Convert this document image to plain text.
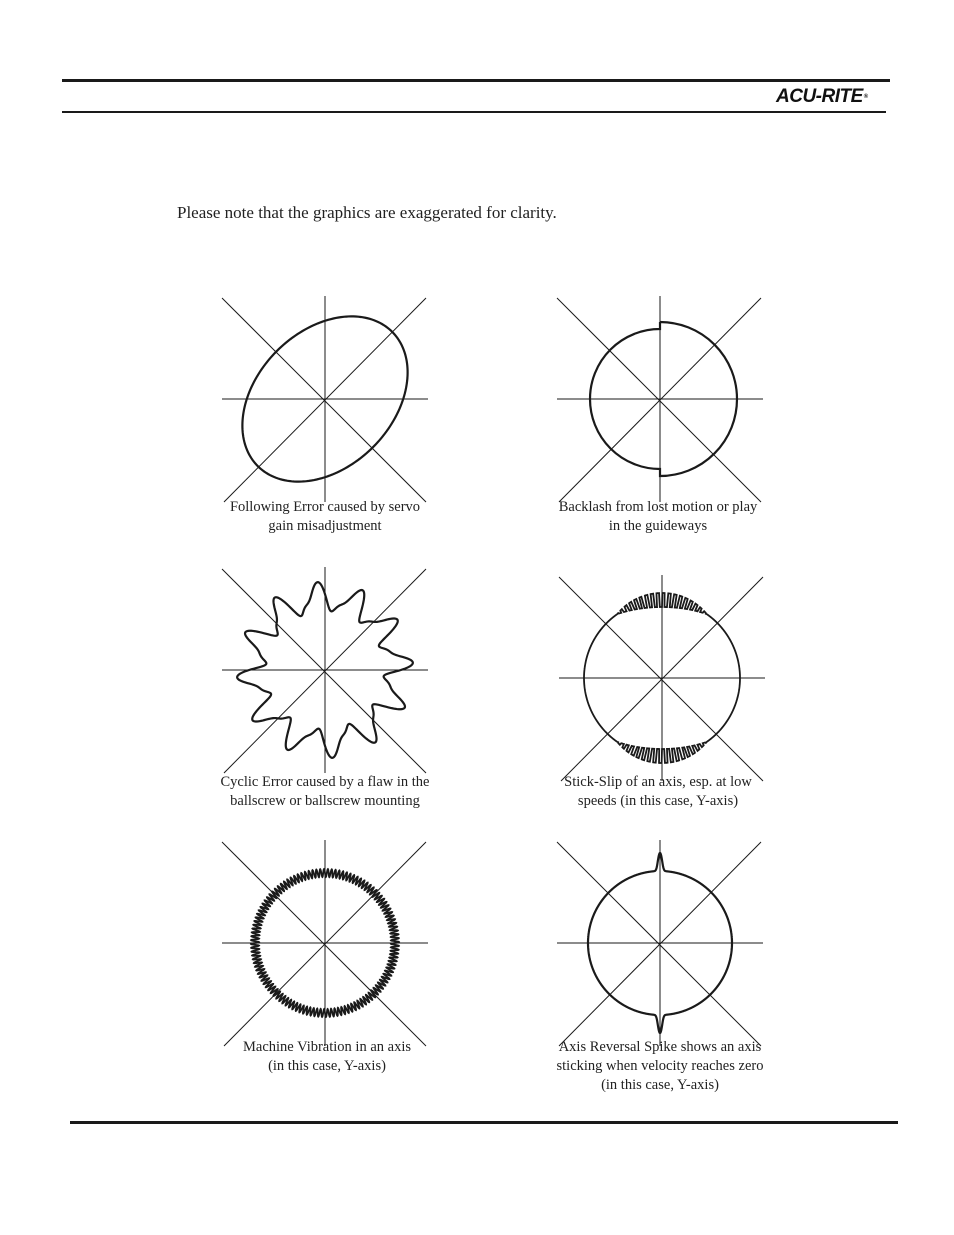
ACU-RITE®
Please note that the graphics are exaggerated for clarity.
Following Error caused by servo
gain misadjustment
Backlash from lost motion or play
in the guideways
Cyclic Error caused by a flaw in the
ballscrew or ballscrew mounting
Stick-Slip of an axis, esp. at low
speeds (in this case, Y-axis)
Machine Vibration in an axis
(in this case, Y-axis)
Axis Reversal Spike shows an axis
sticking when velocity reaches zero
(in this case, Y-axis)
